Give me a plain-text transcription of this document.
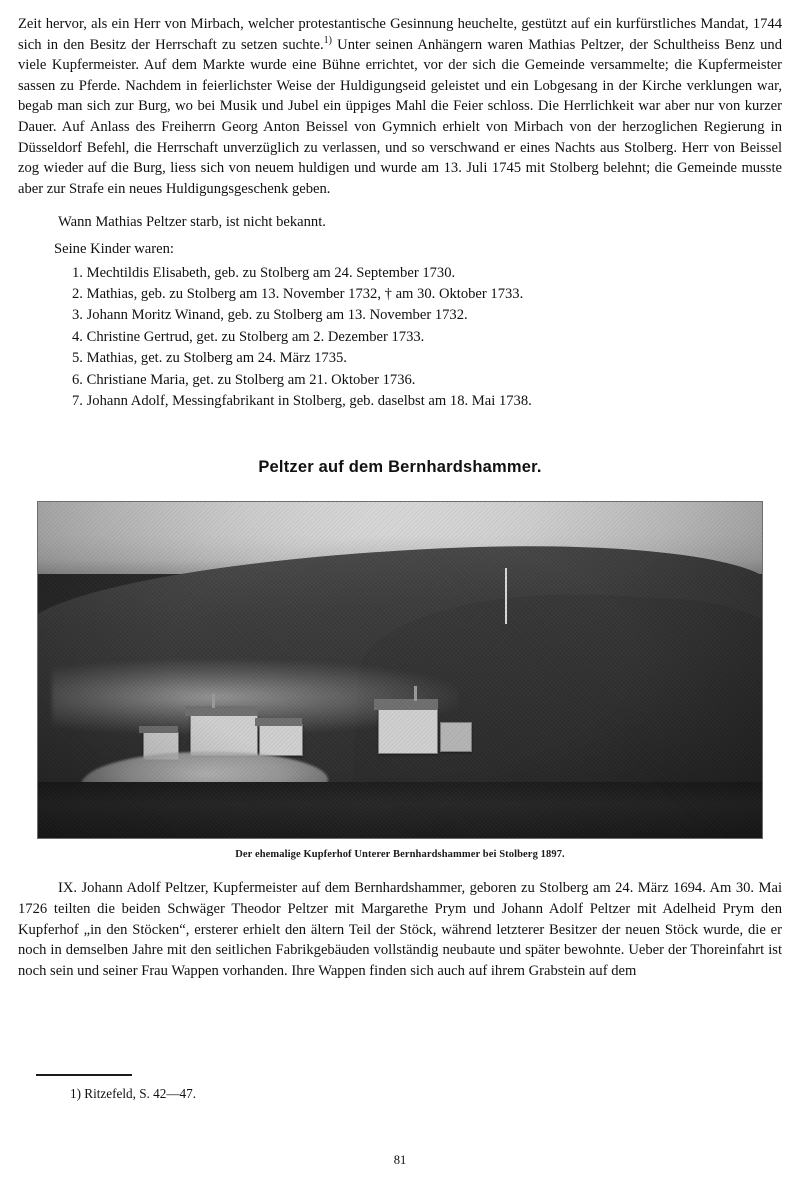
Zeit hervor, als ein Herr von Mirbach, welcher protestantische Gesinnung heuchelte, gestützt auf ein kurfürstliches Mandat, 1744 sich in den Besitz der Herrschaft zu setzen suchte.$^{1)}$ Unter seinen Anhängern waren Mathias Peltzer, der Schultheiss Benz und viele Kupfermeister. Auf dem Markte wurde eine Bühne errichtet, vor der sich die Gemeinde versammelte; die Kupfermeister sassen zu Pferde. Nachdem in feierlichster Weise der Huldigungseid geleistet und ein Lobgesang in der Kirche verklungen war, begab man sich zur Burg, wo bei Musik und Jubel ein üppiges Mahl die Feier schloss. Die Herrlichkeit war aber nur von kurzer Dauer. Auf Anlass des Freiherrn Georg Anton Beissel von Gymnich erhielt von Mirbach von der herzoglichen Regierung in Düsseldorf Befehl, die Herrschaft unverzüglich zu verlassen, und so verschwand er eines Nachts aus Stolberg. Herr von Beissel zog wieder auf die Burg, liess sich von neuem huldigen und wurde am 13. Juli 1745 mit Stolberg belehnt; die Gemeinde musste aber zur Strafe ein neues Huldigungsgeschenk geben.

Wann Mathias Peltzer starb, ist nicht bekannt.

Seine Kinder waren:

1. Mechtildis Elisabeth, geb. zu Stolberg am 24. September 1730.
2. Mathias, geb. zu Stolberg am 13. November 1732, † am 30. Oktober 1733.
3. Johann Moritz Winand, geb. zu Stolberg am 13. November 1732.
4. Christine Gertrud, get. zu Stolberg am 2. Dezember 1733.
5. Mathias, get. zu Stolberg am 24. März 1735.
6. Christiane Maria, get. zu Stolberg am 21. Oktober 1736.
7. Johann Adolf, Messingfabrikant in Stolberg, geb. daselbst am 18. Mai 1738.
Peltzer auf dem Bernhardshammer.
Der ehemalige Kupferhof Unterer Bernhardshammer bei Stolberg 1897.

IX. Johann Adolf Peltzer, Kupfermeister auf dem Bernhardshammer, geboren zu Stolberg am 24. März 1694. Am 30. Mai 1726 teilten die beiden Schwäger Theodor Peltzer mit Margarethe Prym und Johann Adolf Peltzer mit Adelheid Prym den Kupferhof „in den Stöcken“, ersterer erhielt den ältern Teil der Stöck, während letzterer Besitzer der neuen Stöck wurde, die er noch in demselben Jahre mit den seitlichen Fabrikgebäuden vollständig neubaute und später bewohnte. Ueber der Thoreinfahrt ist noch sein und seiner Frau Wappen vorhanden. Ihre Wappen finden sich auch auf ihrem Grabstein auf dem

1) Ritzefeld, S. 42—47.

81
